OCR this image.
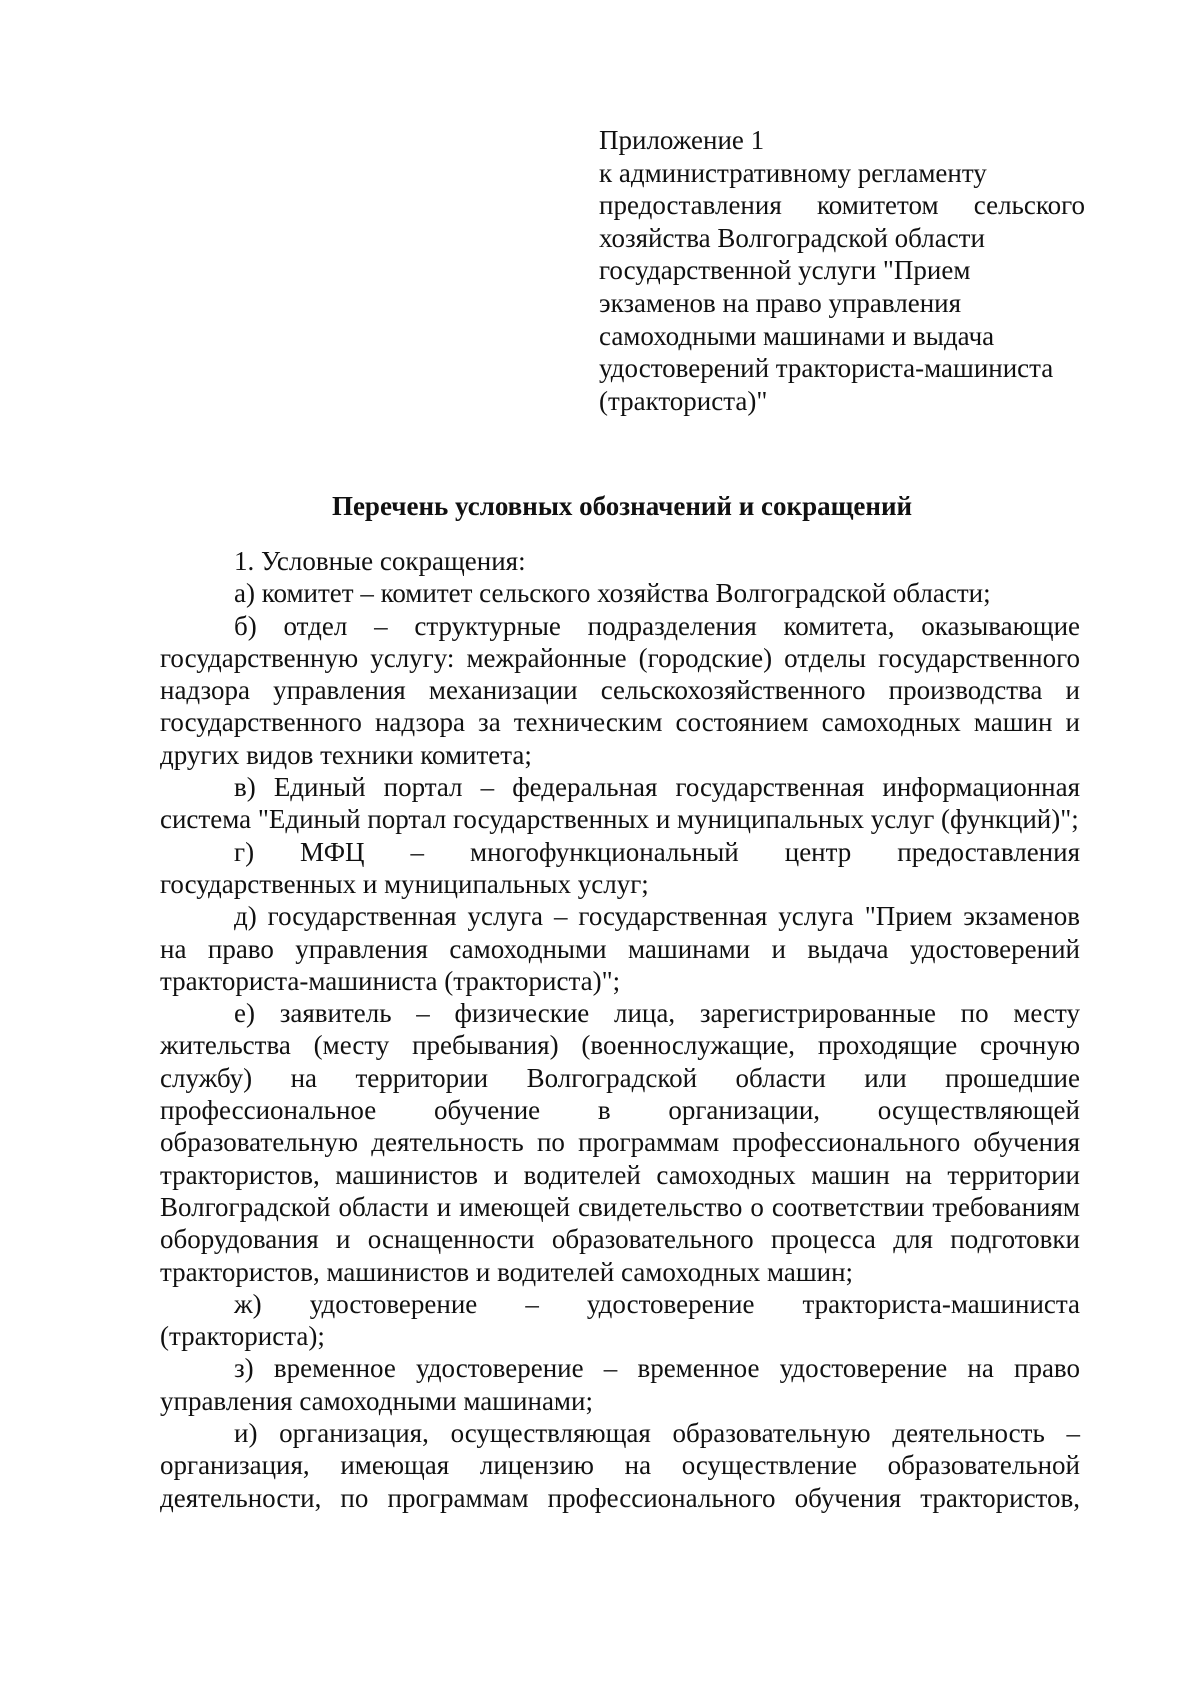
Приложение 1
к административному регламенту
предоставления комитетом сельского
хозяйства Волгоградской области
государственной услуги "Прием
экзаменов на право управления
самоходными машинами и выдача
удостоверений тракториста-машиниста
(тракториста)"
Перечень условных обозначений и сокращений

1. Условные сокращения:

а) комитет – комитет сельского хозяйства Волгоградской области;

б) отдел – структурные подразделения комитета, оказывающие государственную услугу: межрайонные (городские) отделы государственного надзора управления механизации сельскохозяйственного производства и государственного надзора за техническим состоянием самоходных машин и других видов техники комитета;

в) Единый портал – федеральная государственная информационная система "Единый портал государственных и муниципальных услуг (функций)";

г) МФЦ – многофункциональный центр предоставления государственных и муниципальных услуг;

д) государственная услуга – государственная услуга "Прием экзаменов на право управления самоходными машинами и выдача удостоверений тракториста-машиниста (тракториста)";

е) заявитель – физические лица, зарегистрированные по месту жительства (месту пребывания) (военнослужащие, проходящие срочную службу) на территории Волгоградской области или прошедшие профессиональное обучение в организации, осуществляющей образовательную деятельность по программам профессионального обучения трактористов, машинистов и водителей самоходных машин на территории Волгоградской области и имеющей свидетельство о соответствии требованиям оборудования и оснащенности образовательного процесса для подготовки трактористов, машинистов и водителей самоходных машин;

ж) удостоверение – удостоверение тракториста-машиниста (тракториста);

з) временное удостоверение – временное удостоверение на право управления самоходными машинами;

и) организация, осуществляющая образовательную деятельность – организация, имеющая лицензию на осуществление образовательной деятельности, по программам профессионального обучения трактористов,
